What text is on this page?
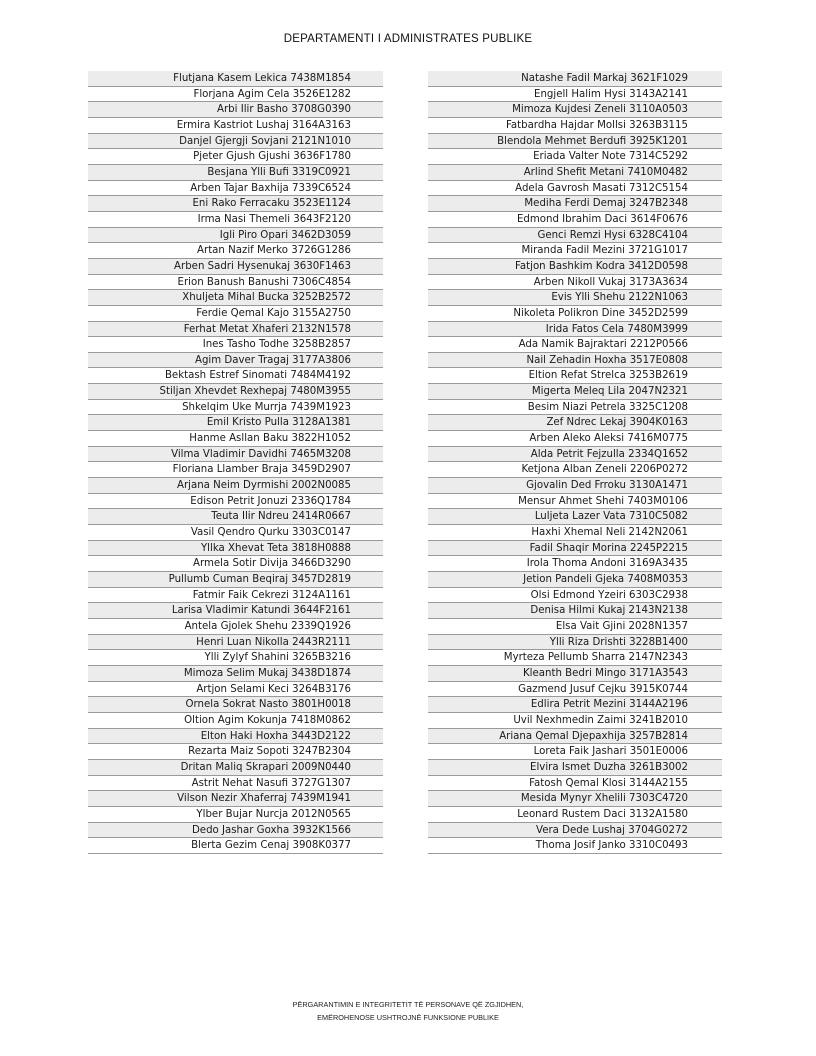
DEPARTAMENTI I ADMINISTRATES PUBLIKE
Flutjana Kasem Lekica 7438M1854
Florjana Agim Cela 3526E1282
Arbi Ilir Basho 3708G0390
Ermira Kastriot Lushaj 3164A3163
Danjel Gjergji Sovjani 2121N1010
Pjeter Gjush Gjushi 3636F1780
Besjana Ylli Bufi 3319C0921
Arben Tajar Baxhija 7339C6524
Eni Rako Ferracaku 3523E1124
Irma Nasi Themeli 3643F2120
Igli Piro Opari 3462D3059
Artan Nazif Merko 3726G1286
Arben Sadri Hysenukaj 3630F1463
Erion Banush Banushi 7306C4854
Xhuljeta Mihal Bucka 3252B2572
Ferdie Qemal Kajo 3155A2750
Ferhat Metat Xhaferi 2132N1578
Ines Tasho Todhe 3258B2857
Agim Daver Tragaj 3177A3806
Bektash Estref Sinomati 7484M4192
Stiljan Xhevdet Rexhepaj 7480M3955
Shkelqim Uke Murrja 7439M1923
Emil Kristo Pulla 3128A1381
Hanme Asllan Baku 3822H1052
Vilma Vladimir Davidhi 7465M3208
Floriana Llamber Braja 3459D2907
Arjana Neim Dyrmishi 2002N0085
Edison Petrit Jonuzi 2336Q1784
Teuta Ilir Ndreu 2414R0667
Vasil Qendro Qurku 3303C0147
Yllka Xhevat Teta 3818H0888
Armela Sotir Divija 3466D3290
Pullumb Cuman Beqiraj 3457D2819
Fatmir Faik Cekrezi 3124A1161
Larisa Vladimir Katundi 3644F2161
Antela Gjolek Shehu 2339Q1926
Henri Luan Nikolla 2443R2111
Ylli Zylyf Shahini 3265B3216
Mimoza Selim Mukaj 3438D1874
Artjon Selami Keci 3264B3176
Ornela Sokrat Nasto 3801H0018
Oltion Agim Kokunja 7418M0862
Elton Haki Hoxha 3443D2122
Rezarta Maiz Sopoti 3247B2304
Dritan Maliq Skrapari 2009N0440
Astrit Nehat Nasufi 3727G1307
Vilson Nezir Xhaferraj 7439M1941
Ylber Bujar Nurcja 2012N0565
Dedo Jashar Goxha 3932K1566
Blerta Gezim Cenaj 3908K0377
Natashe Fadil Markaj 3621F1029
Engjell Halim Hysi 3143A2141
Mimoza Kujdesi Zeneli 3110A0503
Fatbardha Hajdar Mollsi 3263B3115
Blendola Mehmet Berdufi 3925K1201
Eriada Valter Note 7314C5292
Arlind Shefit Metani 7410M0482
Adela Gavrosh Masati 7312C5154
Mediha Ferdi Demaj 3247B2348
Edmond Ibrahim Daci 3614F0676
Genci Remzi Hysi 6328C4104
Miranda Fadil Mezini 3721G1017
Fatjon Bashkim Kodra 3412D0598
Arben Nikoll Vukaj 3173A3634
Evis Ylli Shehu 2122N1063
Nikoleta Polikron Dine 3452D2599
Irida Fatos Cela 7480M3999
Ada Namik Bajraktari 2212P0566
Nail Zehadin Hoxha 3517E0808
Eltion Refat Strelca 3253B2619
Migerta Meleq Lila 2047N2321
Besim Niazi Petrela 3325C1208
Zef Ndrec Lekaj 3904K0163
Arben Aleko Aleksi 7416M0775
Alda Petrit Fejzulla 2334Q1652
Ketjona Alban Zeneli 2206P0272
Gjovalin Ded Frroku 3130A1471
Mensur Ahmet Shehi 7403M0106
Luljeta Lazer Vata 7310C5082
Haxhi Xhemal Neli 2142N2061
Fadil Shaqir Morina 2245P2215
Irola Thoma Andoni 3169A3435
Jetion Pandeli Gjeka 7408M0353
Olsi Edmond Yzeiri 6303C2938
Denisa Hilmi Kukaj 2143N2138
Elsa Vait Gjini 2028N1357
Ylli Riza Drishti 3228B1400
Myrteza Pellumb Sharra 2147N2343
Kleanth Bedri Mingo 3171A3543
Gazmend Jusuf Cejku 3915K0744
Edlira Petrit Mezini 3144A2196
Uvil Nexhmedin Zaimi 3241B2010
Ariana Qemal Djepaxhija 3257B2814
Loreta Faik Jashari 3501E0006
Elvira Ismet Duzha 3261B3002
Fatosh Qemal Klosi 3144A2155
Mesida Mynyr Xhelili 7303C4720
Leonard Rustem Daci 3132A1580
Vera Dede Lushaj 3704G0272
Thoma Josif Janko 3310C0493
PËRGARANTIMIN E INTEGRITETIT TË PERSONAVE QË ZGJIDHEN,
EMËROHENOSE USHTROJNË FUNKSIONE PUBLIKE
